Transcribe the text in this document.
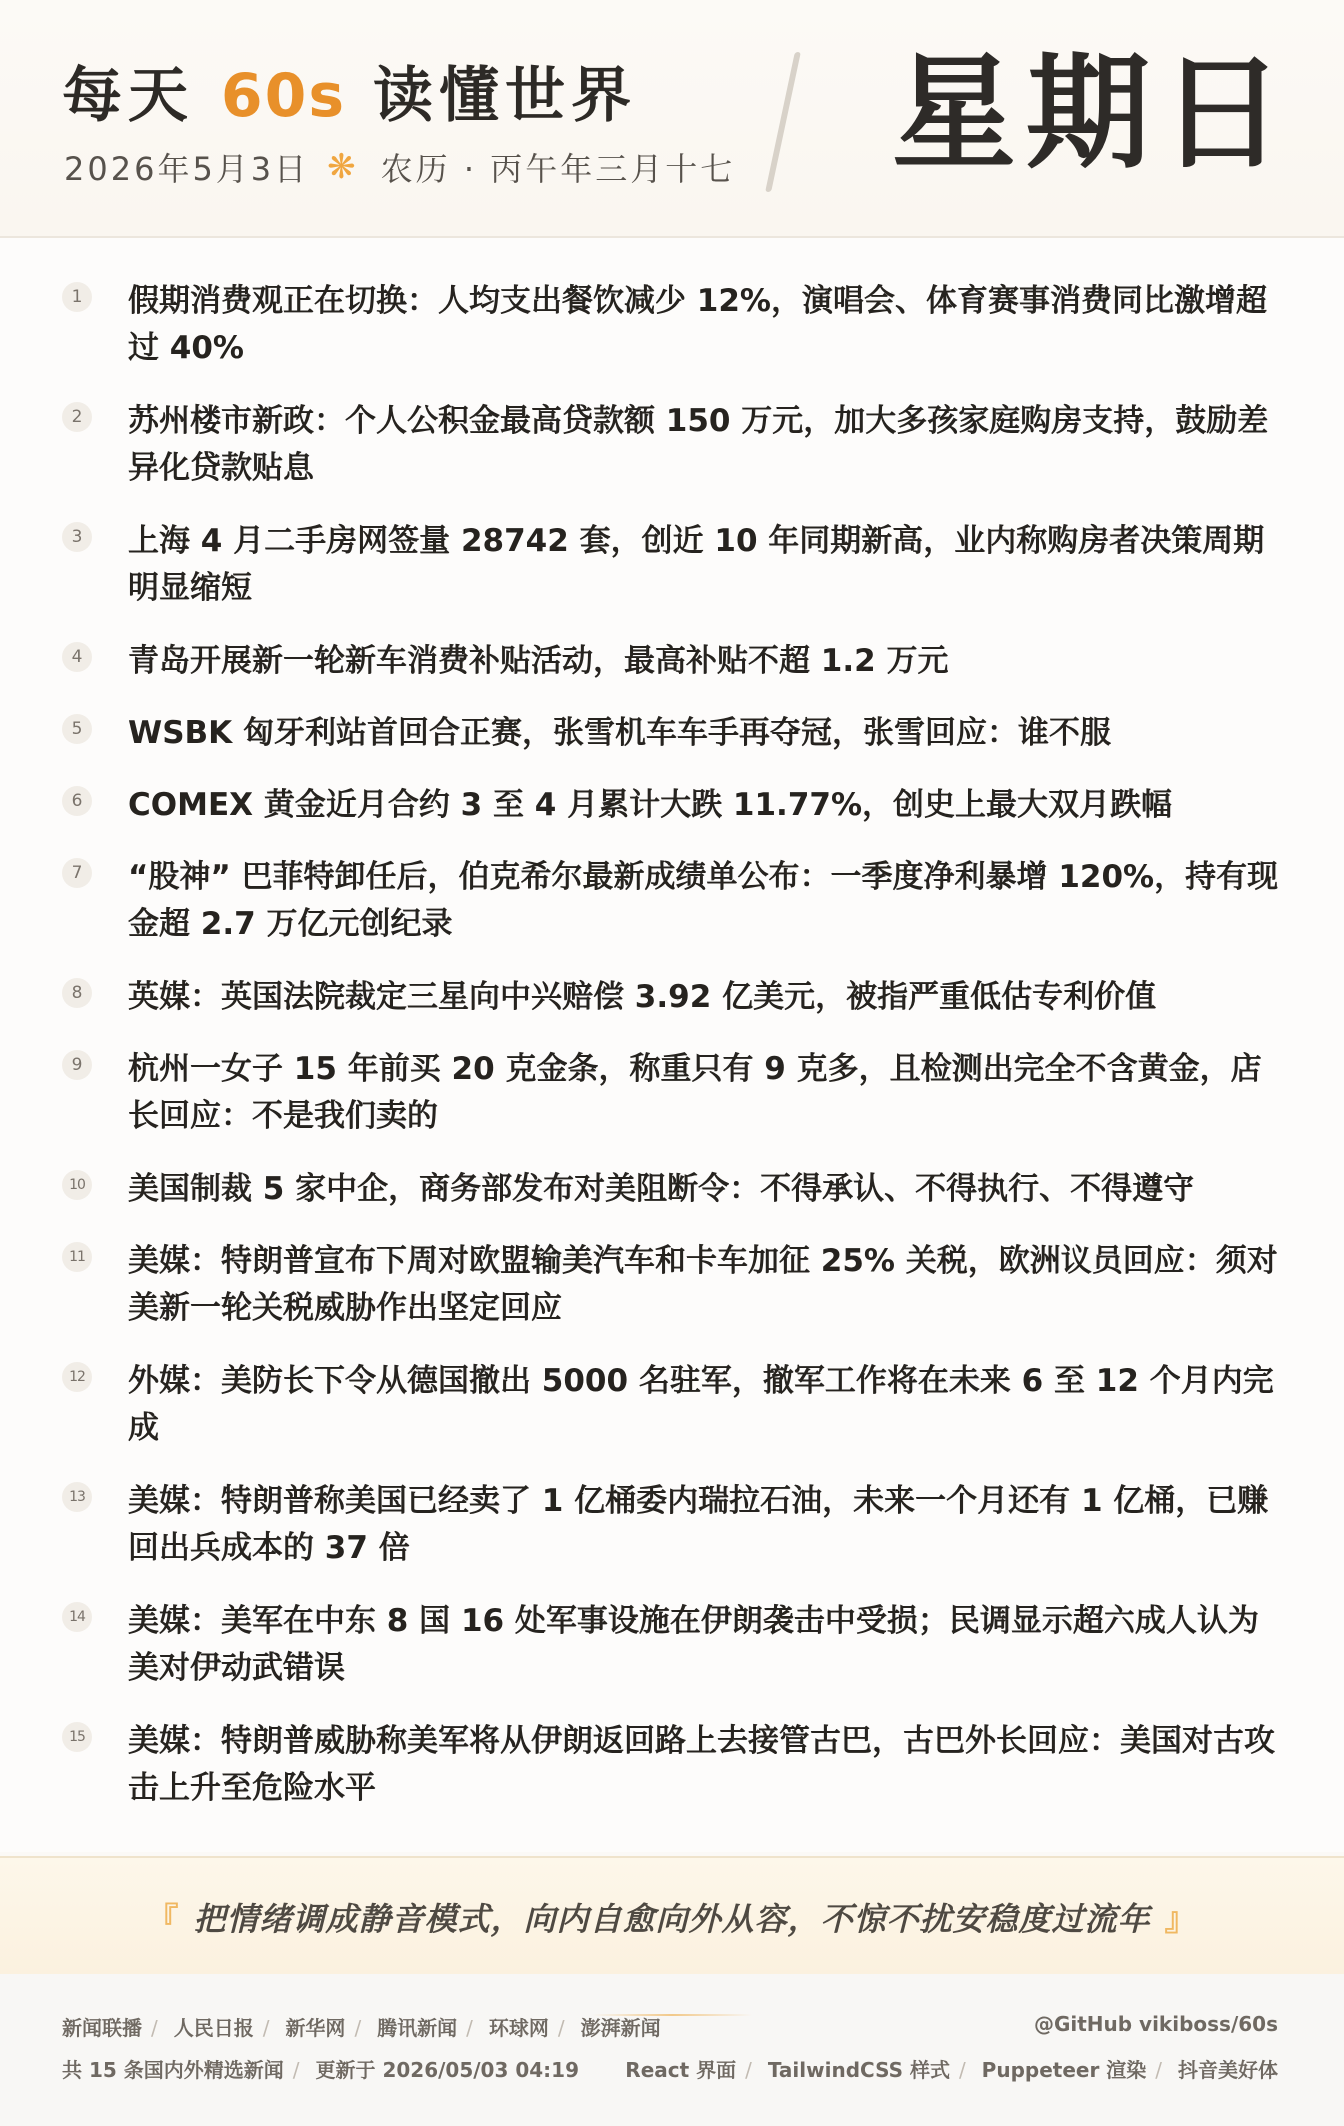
每天 60s 读懂世界
2026年5月3日 ❋ 农历 · 丙午年三月十七 星期日
1	假期消费观正在切换：人均支出餐饮减少 12%，演唱会、体育赛事消费同比激增超过 40%
2	苏州楼市新政：个人公积金最高贷款额 150 万元，加大多孩家庭购房支持，鼓励差异化贷款贴息
3	上海 4 月二手房网签量 28742 套，创近 10 年同期新高，业内称购房者决策周期明显缩短
4	青岛开展新一轮新车消费补贴活动，最高补贴不超 1.2 万元
5	WSBK 匈牙利站首回合正赛，张雪机车车手再夺冠，张雪回应：谁不服
6	COMEX 黄金近月合约 3 至 4 月累计大跌 11.77%，创史上最大双月跌幅
7	“股神” 巴菲特卸任后，伯克希尔最新成绩单公布：一季度净利暴增 120%，持有现金超 2.7 万亿元创纪录
8	英媒：英国法院裁定三星向中兴赔偿 3.92 亿美元，被指严重低估专利价值
9	杭州一女子 15 年前买 20 克金条，称重只有 9 克多，且检测出完全不含黄金，店长回应：不是我们卖的
10 美国制裁 5 家中企，商务部发布对美阻断令：不得承认、不得执行、不得遵守
11 美媒：特朗普宣布下周对欧盟输美汽车和卡车加征 25% 关税，欧洲议员回应：须对美新一轮关税威胁作出坚定回应
12 外媒：美防长下令从德国撤出 5000 名驻军，撤军工作将在未来 6 至 12 个月内完成
13 美媒：特朗普称美国已经卖了 1 亿桶委内瑞拉石油，未来一个月还有 1 亿桶，已赚回出兵成本的 37 倍
14 美媒：美军在中东 8 国 16 处军事设施在伊朗袭击中受损；民调显示超六成人认为美对伊动武错误
15 美媒：特朗普威胁称美军将从伊朗返回路上去接管古巴，古巴外长回应：美国对古攻击上升至危险水平
『 把情绪调成静音模式，向内自愈向外从容，不惊不扰安稳度过流年 』
新闻联播 / 人民日报 / 新华网 / 腾讯新闻 / 环球网 / 澎湃新闻
共 15 条国内外精选新闻 / 更新于 2026/05/03 04:19
@GitHub vikiboss/60s
React 界面 / TailwindCSS 样式 / Puppeteer 渲染 / 抖音美好体
